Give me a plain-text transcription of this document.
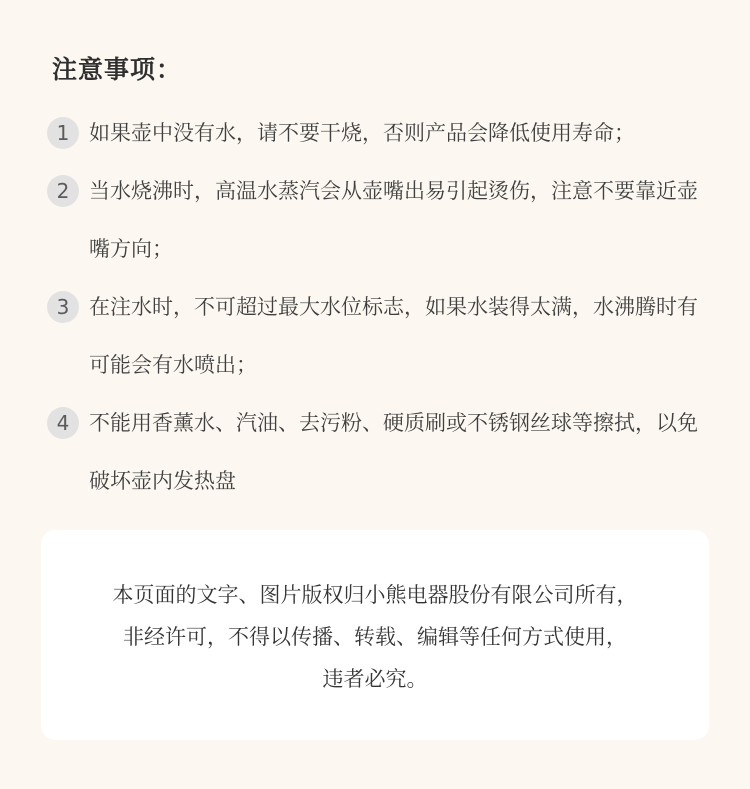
注意事项：
1 如果壶中没有水，请不要干烧，否则产品会降低使用寿命；
2 当水烧沸时，高温水蒸汽会从壶嘴出易引起烫伤，注意不要靠近壶嘴方向；
3 在注水时，不可超过最大水位标志，如果水装得太满，水沸腾时有可能会有水喷出；
4 不能用香薰水、汽油、去污粉、硬质刷或不锈钢丝球等擦拭，以免破坏壶内发热盘
本页面的文字、图片版权归小熊电器股份有限公司所有，
非经许可，不得以传播、转载、编辑等任何方式使用，
违者必究。
